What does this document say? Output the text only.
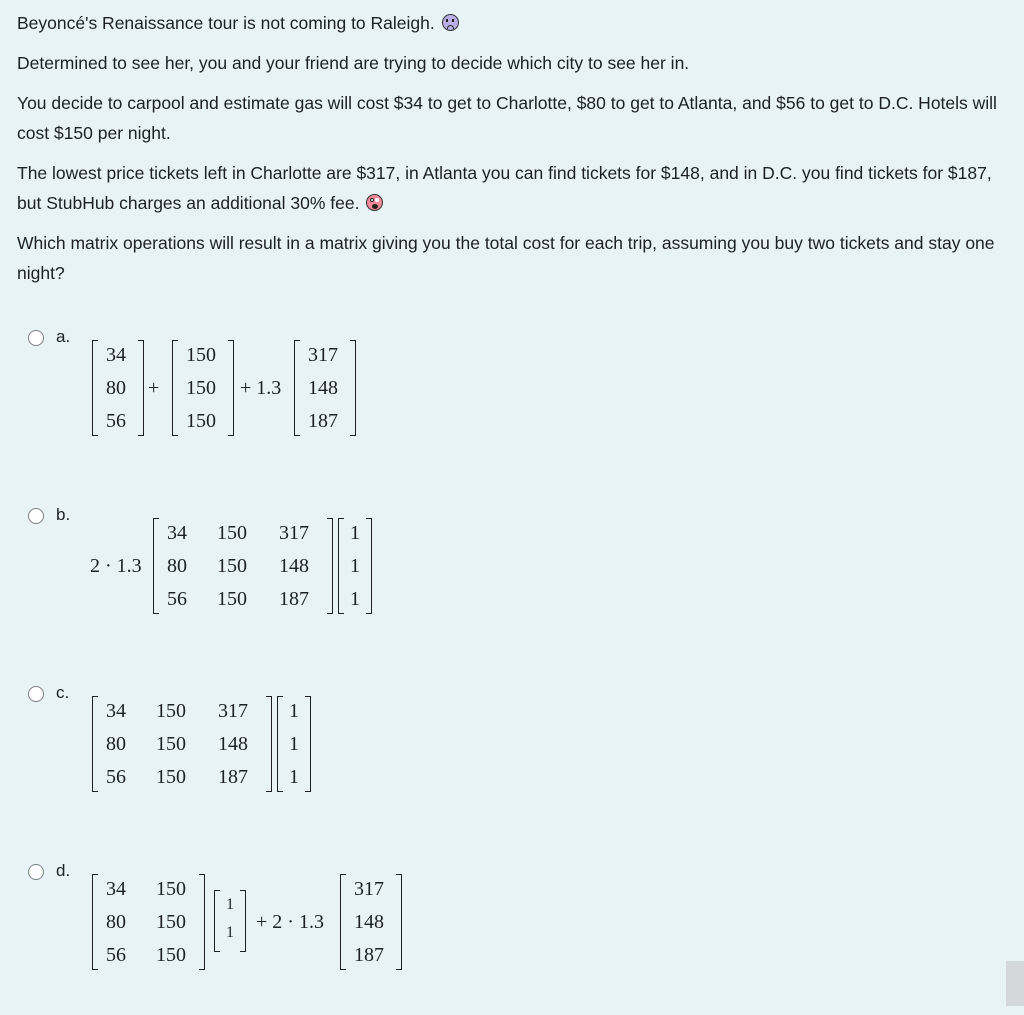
Beyoncé's Renaissance tour is not coming to Raleigh.

Determined to see her, you and your friend are trying to decide which city to see her in.

You decide to carpool and estimate gas will cost $34 to get to Charlotte, $80 to get to Atlanta, and $56 to get to D.C. Hotels will cost $150 per night.

The lowest price tickets left in Charlotte are $317, in Atlanta you can find tickets for $148, and in D.C. you find tickets for $187, but StubHub charges an additional 30% fee.

Which matrix operations will result in a matrix giving you the total cost for each trip, assuming you buy two tickets and stay one night?

a.
34
80
56
+
150
150
150
+ 1.3
317
148
187
b.
2 · 1.3
34 150 317
80 150 148
56 150 187
1
1
1
c.
34 150 317
80 150 148
56 150 187
1
1
1
d.
34 150
80 150
56 150
1
1 + 2 · 1.3
317
148
187
